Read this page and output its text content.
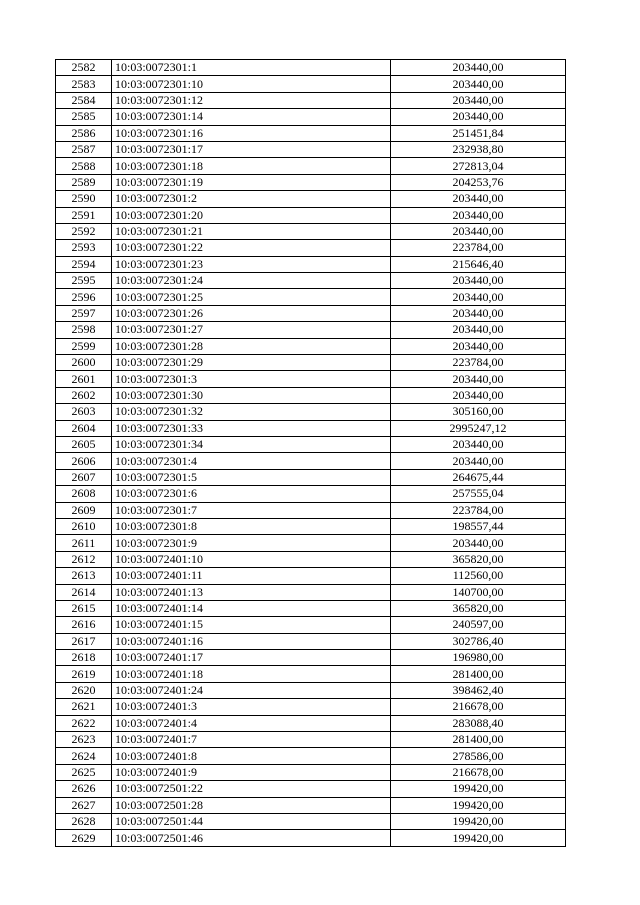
2582	10:03:0072301:1	203440,00
2583	10:03:0072301:10	203440,00
2584	10:03:0072301:12	203440,00
2585	10:03:0072301:14	203440,00
2586	10:03:0072301:16	251451,84
2587	10:03:0072301:17	232938,80
2588	10:03:0072301:18	272813,04
2589	10:03:0072301:19	204253,76
2590	10:03:0072301:2	203440,00
2591	10:03:0072301:20	203440,00
2592	10:03:0072301:21	203440,00
2593	10:03:0072301:22	223784,00
2594	10:03:0072301:23	215646,40
2595	10:03:0072301:24	203440,00
2596	10:03:0072301:25	203440,00
2597	10:03:0072301:26	203440,00
2598	10:03:0072301:27	203440,00
2599	10:03:0072301:28	203440,00
2600	10:03:0072301:29	223784,00
2601	10:03:0072301:3	203440,00
2602	10:03:0072301:30	203440,00
2603	10:03:0072301:32	305160,00
2604	10:03:0072301:33	2995247,12
2605	10:03:0072301:34	203440,00
2606	10:03:0072301:4	203440,00
2607	10:03:0072301:5	264675,44
2608	10:03:0072301:6	257555,04
2609	10:03:0072301:7	223784,00
2610	10:03:0072301:8	198557,44
2611	10:03:0072301:9	203440,00
2612	10:03:0072401:10	365820,00
2613	10:03:0072401:11	112560,00
2614	10:03:0072401:13	140700,00
2615	10:03:0072401:14	365820,00
2616	10:03:0072401:15	240597,00
2617	10:03:0072401:16	302786,40
2618	10:03:0072401:17	196980,00
2619	10:03:0072401:18	281400,00
2620	10:03:0072401:24	398462,40
2621	10:03:0072401:3	216678,00
2622	10:03:0072401:4	283088,40
2623	10:03:0072401:7	281400,00
2624	10:03:0072401:8	278586,00
2625	10:03:0072401:9	216678,00
2626	10:03:0072501:22	199420,00
2627	10:03:0072501:28	199420,00
2628	10:03:0072501:44	199420,00
2629	10:03:0072501:46	199420,00
